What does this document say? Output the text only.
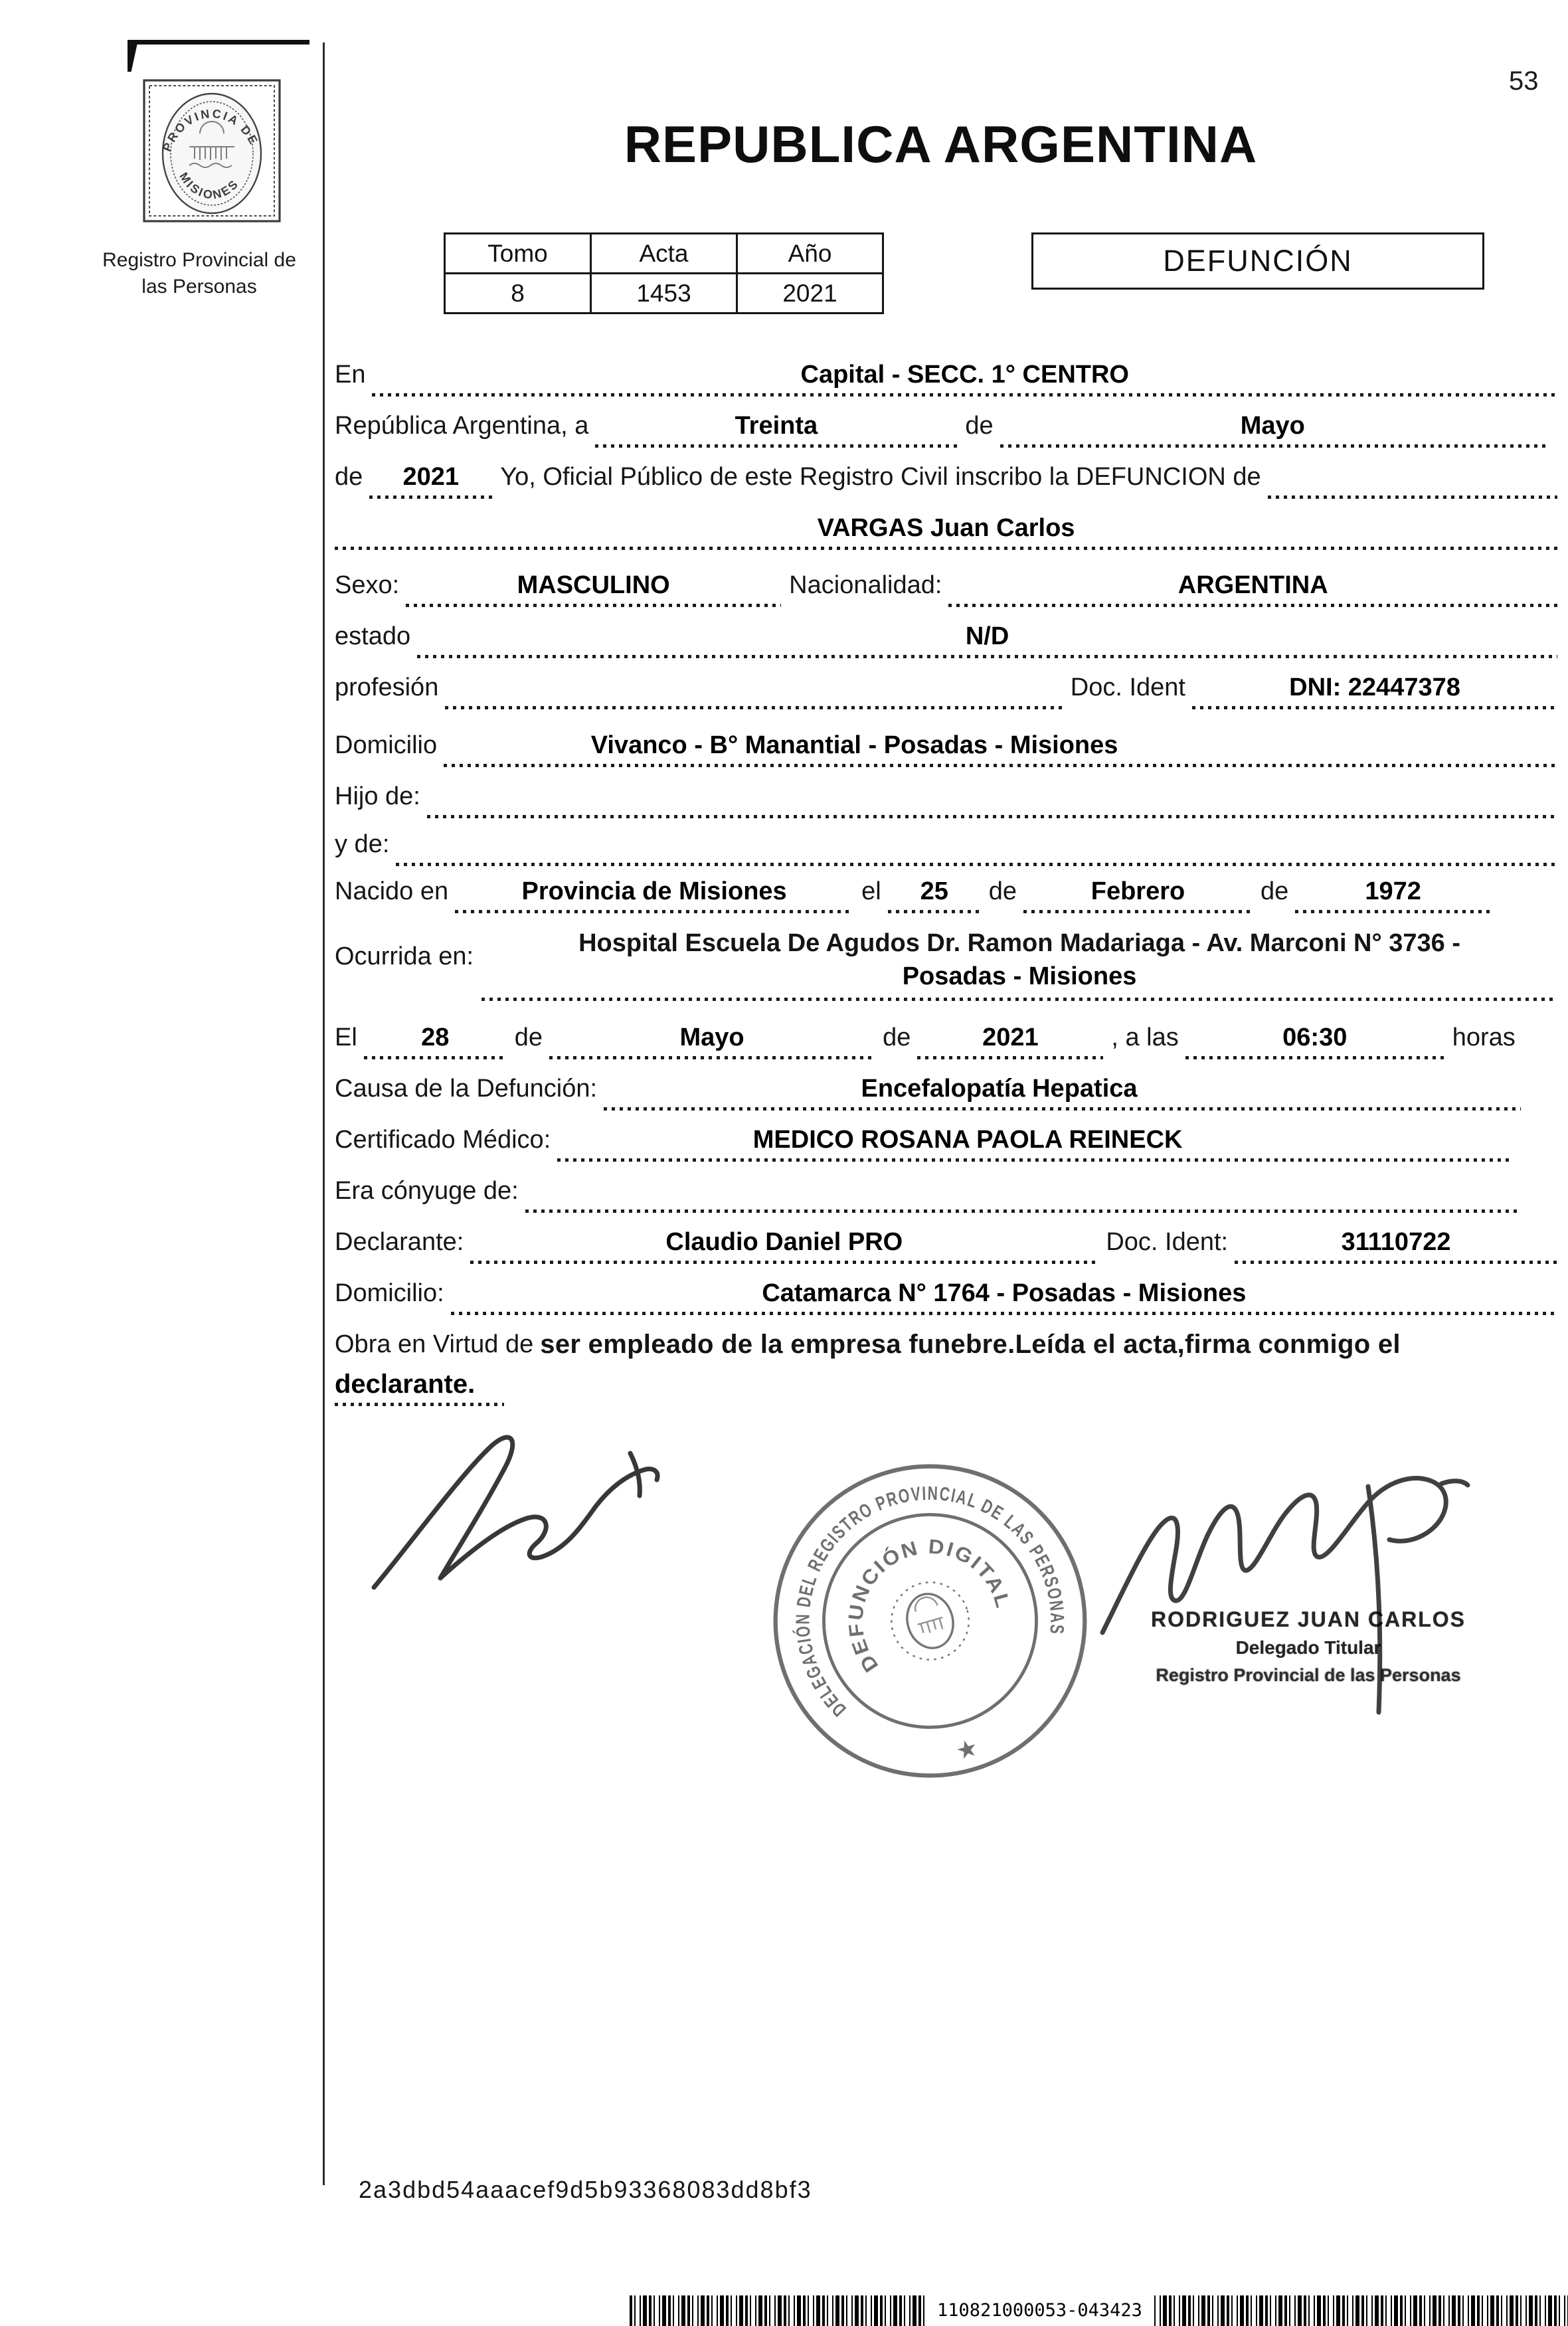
53
PROVINCIA DE
MISIONES
Registro Provincial de
las Personas
REPUBLICA ARGENTINA
Tomo	Acta	Año
8	1453	2021
DEFUNCIÓN
En	Capital - SECC. 1° CENTRO
República Argentina, a	Treinta	de	Mayo
de	2021	Yo, Oficial Público de este Registro Civil inscribo la DEFUNCION de
VARGAS Juan Carlos
Sexo:	MASCULINO	Nacionalidad:	ARGENTINA
estado	N/D
profesión	Doc. Ident	DNI: 22447378
Domicilio	Vivanco - B° Manantial - Posadas - Misiones
Hijo de:
y de:
Nacido en	Provincia de Misiones	el	25	de	Febrero	de	1972
Ocurrida en:	Hospital Escuela De Agudos Dr. Ramon Madariaga - Av. Marconi N° 3736 -
Posadas - Misiones
El	28	de	Mayo	de	2021	, a las	06:30	horas
Causa de la Defunción:	Encefalopatía Hepatica
Certificado Médico:	MEDICO ROSANA PAOLA REINECK
Era cónyuge de:
Declarante:	Claudio Daniel PRO	Doc. Ident:	31110722
Domicilio:	Catamarca N° 1764 - Posadas - Misiones
Obra en Virtud de ser empleado de la empresa funebre.Leída el acta,firma conmigo el
declarante.
DELEGACIÓN DEL REGISTRO PROVINCIAL DE LAS PERSONAS
DEFUNCIÓN DIGITAL
★
RODRIGUEZ JUAN CARLOS
Delegado Titular
Registro Provincial de las Personas
2a3dbd54aaacef9d5b93368083dd8bf3
110821000053-043423
